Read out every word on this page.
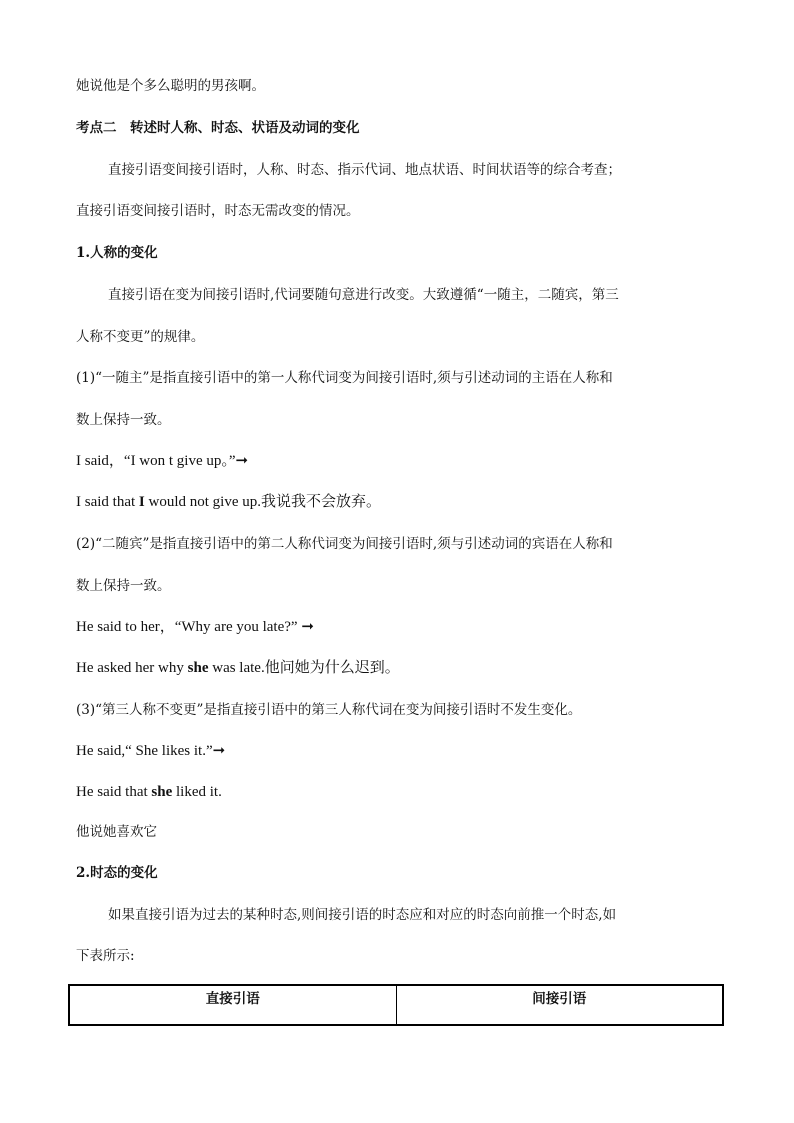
她说他是个多么聪明的男孩啊。
考点二　转述时人称、时态、状语及动词的变化
直接引语变间接引语时，人称、时态、指示代词、地点状语、时间状语等的综合考查；
直接引语变间接引语时，时态无需改变的情况。
1.人称的变化
直接引语在变为间接引语时,代词要随句意进行改变。大致遵循“一随主，二随宾，第三
人称不变更”的规律。
(1)“一随主”是指直接引语中的第一人称代词变为间接引语时,须与引述动词的主语在人称和
数上保持一致。
I said，“I won t give up。”➞
I said that I would not give up.我说我不会放弃。
(2)“二随宾”是指直接引语中的第二人称代词变为间接引语时,须与引述动词的宾语在人称和
数上保持一致。
He said to her，“Why are you late?” ➞
He asked her why she was late.他问她为什么迟到。
(3)“第三人称不变更”是指直接引语中的第三人称代词在变为间接引语时不发生变化。
He said,“ She likes it.”➞
He said that she liked it.
他说她喜欢它
2.时态的变化
如果直接引语为过去的某种时态,则间接引语的时态应和对应的时态向前推一个时态,如
下表所示:
直接引语	间接引语
